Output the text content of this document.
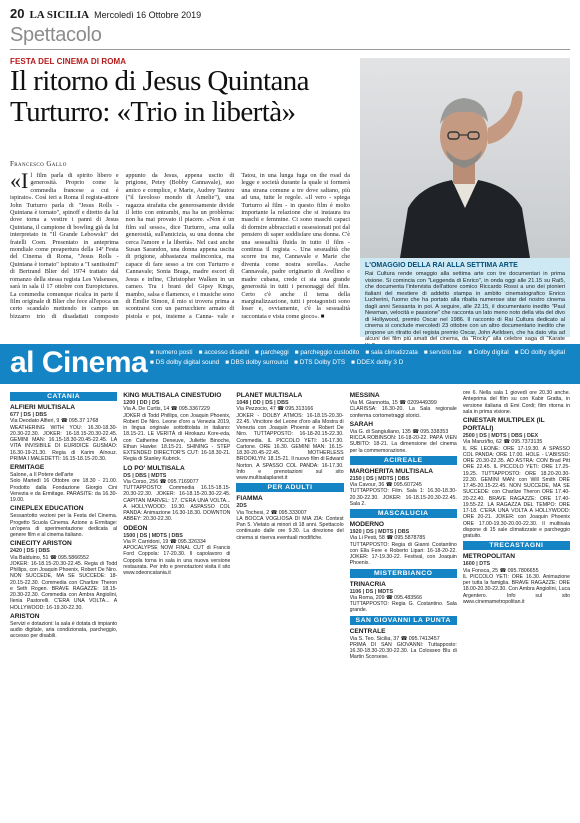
20 LA SICILIA Mercoledì 16 Ottobre 2019
Spettacolo
FESTA DEL CINEMA DI ROMA
Il ritorno di Jesus Quintana
Turturro: «Trio in libertà»
Francesco Gallo
«Il film parla di spirito libero e generosità. Proprio come la commedia francese a cui è ispirato». Così ieri a Roma il regista-attore John Turturro parla di "Jesus Rolls - Quintana è tornato", spinoff e diretto da lui dove torna a vestire i panni di Jesus Quintana, il campione di bowling già da lui interpretato in "Il Grande Lebowski" dei fratelli Coen. Presentato in anteprima mondiale come preapertura della 14ª Festa del Cinema di Roma, "Jesus Rolls - Quintana è tornato" ispirato a "I santissimi" di Bertrand Blier del 1974 trattato dal romanzo della stessa regista Les Valseuses, sarà in sala il 17 ottobre con Europictures. La commedia comunque ricalca in parte il film originale di Blier che fece all'epoca un certo scandalo mettendo in campo un bizzarro trio di disadattati composto appunto da Jesus, appena uscito di prigione, Petey (Bobby Cannavale), suo amico e complice, e Marie, Audrey Tautou ("il favoloso mondo di Amelie"), una ragazza strafatta che generosamente divide il letto con entrambi, ma ha un problema: non ha mai provato il piacere. «Non è un film sul sesso», dice Turturro, «ma sulla generosità, sull'amicizia, su una donna che cerca l'amore e la libertà». Nel cast anche Susan Sarandon, una donna appena uscita di prigione, abbastanza malinconica, ma capace di fare sesso a tre con Turturro e Cannavale; Sonia Braga, madre escort di Jesus e infine, Christopher Walken in un cameo. Tra i brani del Gipsy Kings, mambo, salsa e flamenco, e i musiche sono di Émilie Simon, il mio si trovera prima a scontrarsi con un parrucchiere armato di pistola e poi, insieme a Canna- vale e Tatou, in una lunga fuga on the road da legge e società durante la quale si formerà una strana comune a tre dove saltano, più ad una, tutte le regole. «Il vero - spiega Turturro al film - in questo film è molto importante la relazione che si instaura tra maschi e femmine. Ci sono maschi capaci di dormire abbracciati e ossessionati poi dal pensiero di saper soddisfare una donna. C'è una sessualità fluida in tutto il film - continua il regista -. Una sessualità che scorre tra me, Cannavale e Marie che diventa come nostra sorella». Anche Cannavale, padre originario di Avellino e madre cubana, crede ci sia una grande generosità in tutti i personaggi del film. Certo c'è anche il tema della marginalizzazione, tutti i protagonisti sono loser e, ovviamente, c'è la sessualità raccontata e vista come gioco». ■
L'OMAGGIO DELLA RAI ALLA SETTIMA ARTE
Rai Cultura rende omaggio alla settima arte con tre documentari in prima visione. Si comincia con "Leggenda di Enrico", in onda oggi alle 21.15 su Rai5, che documenta l'intervista dell'attore comico Riccardo Rossi a uno dei pionieri italiani del mestiere di addetto stampa in ambito cinematografico Enrico Lucherini, l'uomo che ha portato alla ribalta numerose star del nostro cinema dagli anni Sessanta in poi. A seguire, alle 22.15, il documentario inedito "Paul Newman, velocità e passione" che racconta un lato meno noto della vita del divo di Hollywood, premio Oscar nel 1986. Il racconto di Rai Cultura dedicato al cinema si conclude mercoledì 23 ottobre con un altro documentario inedito che propone un ritratto del regista premio Oscar, John Avildsen, che ha dato vita ad alcuni dei film più amati del cinema, da "Rocky" alla celebre saga di "Karate
al Cinema ■ numero posti ■ accesso disabili ■ parcheggi ■ parcheggio custodito ■ sala climatizzata ■ servizio bar ■ Dolby digital ■ DD dolby digital
■ DS dolby digital sound ■ DBS dolby surround ■ DTS Dolby DTS ■ DDEX dolby 3 D
CATANIA
ALFIERI MULTISALA
677 | DS | DBS
Via Deodato Alfieri, 9 ☎ 095.37 1768
WEATHERING WITH YOU: 16.30-18.30-20.30-22.30. JOKER: 16-18.15-20.30-22.45. GEMINI MAN: 16.15-18.30-20.45-22.45. LA VITA INVISIBILE DI EURIDICE GUSMAO: 16.30-19-21.30. Regia di Karim Aïnouz. PRIMA I MALEDETTI: 16.15-18.15-20.30.
ERMITAGE
Salone, a Il Potere dell'arte
Solo Martedì 16 Ottobre ore 18.30 - 21.00. Prodotto dalla Fondazione Giorgio Cini Venezia e da Ermitage. PARASITE: da 16.30-19.00.
CINEPLEX EDUCATION
Sessantotto vezioni per la Festa del Cinema. Progetto Scuola Cinema. Azione a Ermitage: un'opera di sperimentazione dedicata al genere film e al cinema italiano.
CINECITY ARISTON
2420 | DS | DBS
Via Balduino, 51 ☎ 095.5866552
JOKER: 16-18.15-20.30-22.45. Regia di Todd Phillips, con Joaquin Phoenix, Robert De Niro. NON SUCCEDE, MA SE SUCCEDE: 18-20.15-22.30. Commedia con Charlize Theron e Seth Rogen. BRAVE RAGAZZE: 18.15-20.30-22.30. Commedia con Ambra Angiolini, Ilenia Pastorelli. C'ERA UNA VOLTA... A HOLLYWOOD: 16-19.30-22.30.
ARISTON
Servizi e dotazioni: la sala è dotata di impianto audio digitale, aria condizionata, parcheggio, accesso per disabili.
KING MULTISALA CINESTUDIO
1200 | DD | DS
Via A. De Curtis, 14 ☎ 095.3367229
JOKER di Todd Phillips, con Joaquin Phoenix, Robert De Niro. Leone d'oro a Venezia 2019, in lingua originale sottotitolata in italiano: 18.15-21. LE VERITÀ di Hirokazu Kore-eda, con Catherine Deneuve, Juliette Binoche, Ethan Hawke: 18.15-21. SHINING - STEP EXTENDED DIRECTOR'S CUT: 16-18.30-21. Regia di Stanley Kubrick.
LO PO' MULTISALA
DS | DBS | MDTS
Via Corso, 256 ☎ 095.7169077
TUTTAPPOSTO: Commedia 16.15-18.15-20.30-22.30. JOKER: 16-18.15-20.30-22.45. CAPITAN MARVEL: 17. C'ERA UNA VOLTA... A HOLLYWOOD: 19.30. ASPASSO COL PANDA: Animazione 16.30-18.30. DOWNTON ABBEY: 20.30-22.30.
ODEON
1500 | DS | MDTS | DBS
Via P. Carridoni, 19 ☎ 095.326334
APOCALYPSE NOW FINAL CUT di Francis Ford Coppola: 17-20.30. Il capolavoro di Coppola torna in sala in una nuova versione restaurata. Per info e prenotazioni visita il sito www.odeoncatania.it
PLANET MULTISALA
1048 | DD | DS | DBS
Via Pezzocio, 47 ☎ 095.313166
JOKER - DOLBY ATMOS: 16-18.15-20.30-22.45. Vincitore del Leone d'oro alla Mostra di Venezia con Joaquin Phoenix e Robert De Niro. TUTTAPPOSTO: 16-18-20.15-22.30. Commedia. IL PICCOLO YETI: 16-17.30. Cartone. ORE 16.30. GEMINI MAN: 16.15-18.30-20.45-22.45. MOTHERLESS BROOKLYN: 18.15-21. Il nuovo film di Edward Norton. A SPASSO COL PANDA: 16-17.30. Info e prenotazioni sul sito www.multisalaplanet.it
PER ADULTI
FIAMMA
2DS
Via Tochesi, 2 ☎ 095.333007
LA BOCCA VOGLIOSA DI MIA ZIA: Contest Pan 5. Vietato ai minori di 18 anni. Spettacolo continuato dalle ore 9.30. La direzione del cinema si riserva eventuali modifiche.
MESSINA
Via M. Giannotta, 15 ☎ 0209449399
CLARISSA: 16.30-20. La Sala regionale conferma cortometraggi storici.
SARAH
Via G. di Sangiuliano, 135 ☎ 095.338353
RICCA ROBINSON: 16-18-20-22. PAPÀ VIEN SUBITO: 18-21. La dimensione del cinema per la commemorazione.
ACIREALE
MARGHERITA MULTISALA
2150 | DS | MDTS | DBS
Via Cavour, 36 ☎ 095.607245
TUTTAPPOSTO: Film. Sala 1: 16.30-18.30-20.30-22.30. JOKER: 16-18.15-20.30-22.45. Sala 2.
MASCALUCIA
MODERNO
1920 | DS | MDTS | DBS
Via Li Pesti, 58 ☎ 095.5878785
TUTTAPPOSTO: Regia di Gianni Costantino con Ella Fere e Roberto Lipari: 16-18-20-22. JOKER: 17-19.30-22. Festival, con Joaquin Phoenix.
MISTERBIANCO
TRINACRIA
1106 | DS | MDTS
Via Roma, 209 ☎ 095.483566
TUTTAPPOSTO: Regia G. Costantino. Sala grande.
SAN GIOVANNI LA PUNTA
CENTRALE
Via S. Teo. Sicilia, 37 ☎ 095.7413457
PRIMA DI SAN GIOVANNI: Tuttapposto: 16.30-18.30-20.30-22.30. La Colosseo Blu di Martin Scorsese.
ore 6. Nella sala 1 giovedì ore 20.30 anche. Anteprima del film su con Kabir Gratta, in versione italiana di Emi Cordi; film ritorna in sala in prima visione.
CINESTAR MULTIPLEX (IL PORTALI)
2500 | DS | MDTS | DBS | DEX
Via Manzi/fio, 62 ☎ 095.7373135
IL RE LEONE: ORE 17-19.30. A SPASSO COL PANDA: ORE 17.00. HOLE - L'ABISSO: ORE 20.30-22.35. AD ASTRA: CON Brad Pitt ORE 22.45. IL PICCOLO YETI: ORE 17.25-19.25. TUTTAPPOSTO: ORE 18.20-20.30-22.30. GEMINI MAN: con Will Smith ORE 17.45-20.15-22.45. NON SUCCEDE, MA SE SUCCEDE: con Charlize Theron ORE 17.40-20-22.40. BRAVE RAGAZZE: ORE 17.40-19.55-22. LA RAGAZZA DEL TEMPO: ORE 17-18. C'ERA UNA VOLTA A HOLLYWOOD: ORE 20-21. JOKER: con Joaquin Phoenix ORE 17.00-19.30-20.00-22.30. Il multisala dispone di 15 sale climatizzate e parcheggio gratuito.
TRECASTAGNI
METROPOLITAN
1600 | DTS
Via Fonsca, 25 ☎ 095.7806655
IL PICCOLO YETI: ORE 16.30. Animazione per tutta la famiglia. BRAVE RAGAZZE: ORE 18.00-20.30-22.30. Con Ambra Angiolini, Luca Argentero. Info sul sito www.cinemametropolitan.it
